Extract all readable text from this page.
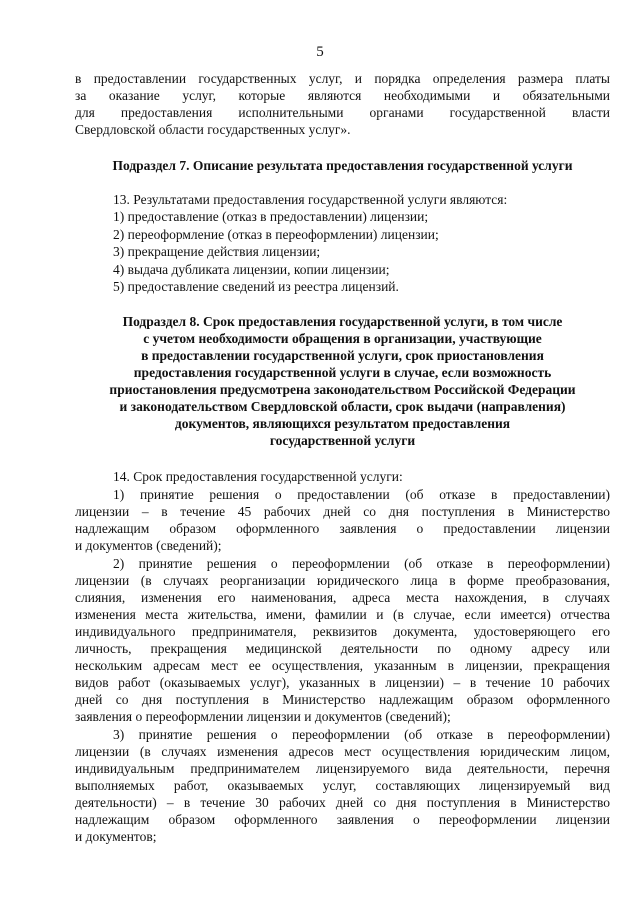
5

в предоставлении государственных услуг, и порядка определения размера платы

за оказание услуг, которые являются необходимыми и обязательными

для предоставления исполнительными органами государственной власти

Свердловской области государственных услуг».

Подраздел 7. Описание результата предоставления государственной услуги

13. Результатами предоставления государственной услуги являются:

1) предоставление (отказ в предоставлении) лицензии;

2) переоформление (отказ в переоформлении) лицензии;

3) прекращение действия лицензии;

4) выдача дубликата лицензии, копии лицензии;

5) предоставление сведений из реестра лицензий.

Подраздел 8. Срок предоставления государственной услуги, в том числе

с учетом необходимости обращения в организации, участвующие

в предоставлении государственной услуги, срок приостановления

предоставления государственной услуги в случае, если возможность

приостановления предусмотрена законодательством Российской Федерации

и законодательством Свердловской области, срок выдачи (направления)

документов, являющихся результатом предоставления

государственной услуги

14. Срок предоставления государственной услуги:

1) принятие решения о предоставлении (об отказе в предоставлении)

лицензии – в течение 45 рабочих дней со дня поступления в Министерство

надлежащим образом оформленного заявления о предоставлении лицензии

и документов (сведений);

2) принятие решения о переоформлении (об отказе в переоформлении)

лицензии (в случаях реорганизации юридического лица в форме преобразования,

слияния, изменения его наименования, адреса места нахождения, в случаях

изменения места жительства, имени, фамилии и (в случае, если имеется) отчества

индивидуального предпринимателя, реквизитов документа, удостоверяющего его

личность, прекращения медицинской деятельности по одному адресу или

нескольким адресам мест ее осуществления, указанным в лицензии, прекращения

видов работ (оказываемых услуг), указанных в лицензии) – в течение 10 рабочих

дней со дня поступления в Министерство надлежащим образом оформленного

заявления о переоформлении лицензии и документов (сведений);

3) принятие решения о переоформлении (об отказе в переоформлении)

лицензии (в случаях изменения адресов мест осуществления юридическим лицом,

индивидуальным предпринимателем лицензируемого вида деятельности, перечня

выполняемых работ, оказываемых услуг, составляющих лицензируемый вид

деятельности) – в течение 30 рабочих дней со дня поступления в Министерство

надлежащим образом оформленного заявления о переоформлении лицензии

и документов;
